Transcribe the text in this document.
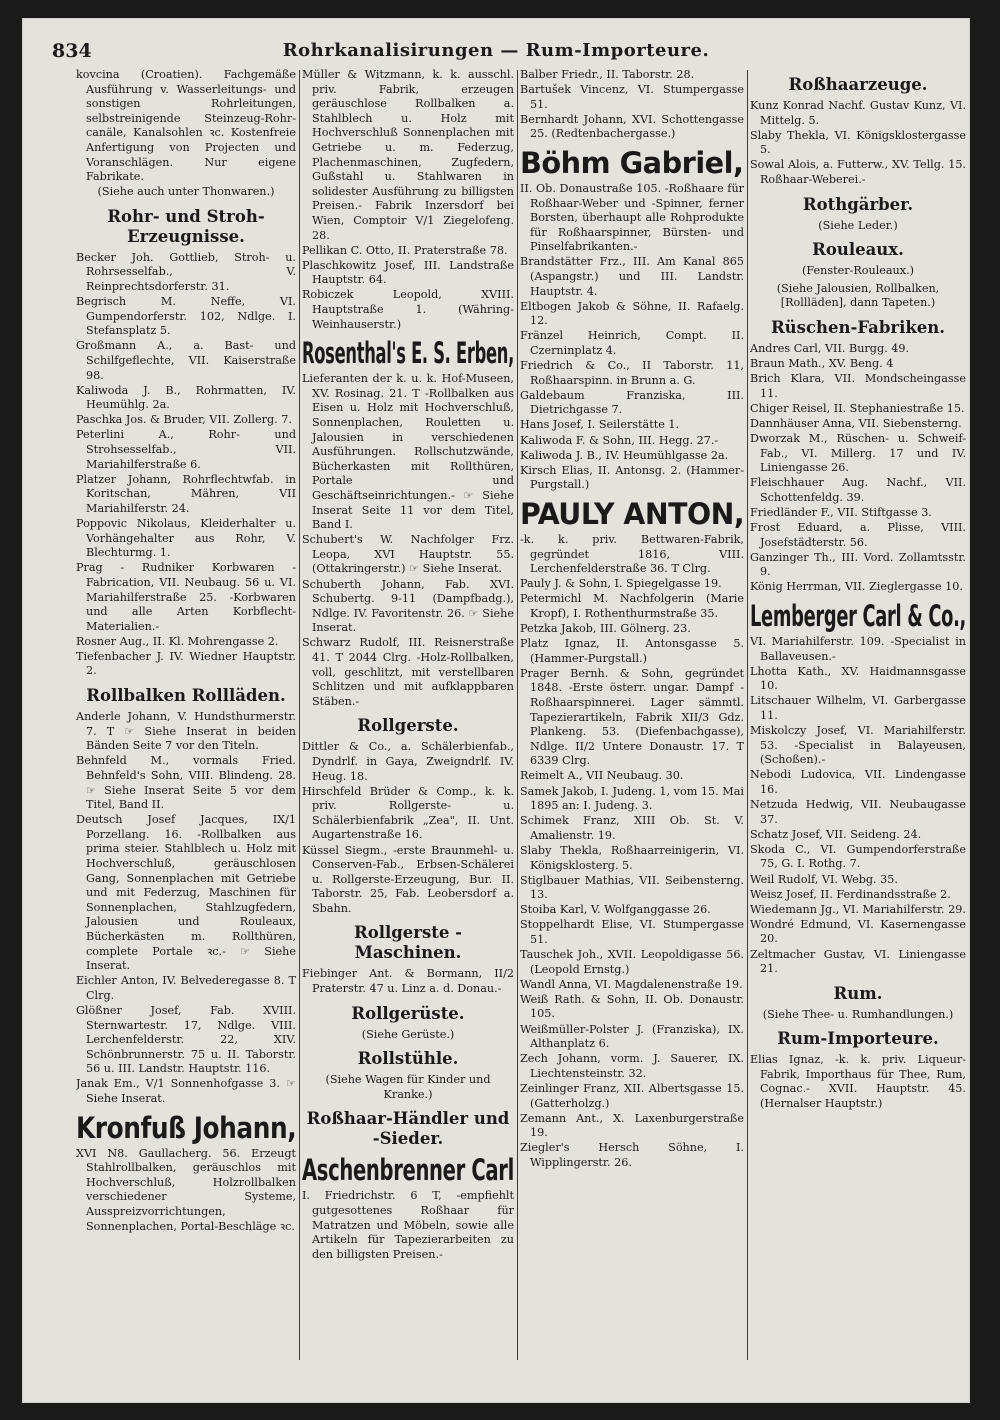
834	Rohrkanalisirungen — Rum-Importeure.
kovcina (Croatien). Fachgemäße Ausführung v. Wasserleitungs- und sonstigen Rohrleitungen, selbstreinigende Steinzeug-Rohr-canäle, Kanalsohlen ꝛc. Kostenfreie Anfertigung von Projecten und Voranschlägen. Nur eigene Fabrikate.
(Siehe auch unter Thonwaren.)
Rohr- und Stroh-Erzeugnisse.
Becker Joh. Gottlieb, Stroh- u. Rohrsesselfab., V. Reinprechtsdorferstr. 31.
Begrisch M. Neffe, VI. Gumpendorferstr. 102, Ndlge. I. Stefansplatz 5.
Großmann A., a. Bast- und Schilfgeflechte, VII. Kaiserstraße 98.
Kaliwoda J. B., Rohrmatten, IV. Heumühlg. 2a.
Paschka Jos. & Bruder, VII. Zollerg. 7.
Peterlini A., Rohr- und Strohsesselfab., VII. Mariahilferstraße 6.
Platzer Johann, Rohrflechtwfab. in Koritschan, Mähren, VII Mariahilferstr. 24.
Poppovic Nikolaus, Kleiderhalter u. Vorhängehalter aus Rohr, V. Blechturmg. 1.
Prag - Rudniker Korbwaren - Fabrication, VII. Neubaug. 56 u. VI. Mariahilferstraße 25. -Korbwaren und alle Arten Korbflecht-Materialien.-
Rosner Aug., II. Kl. Mohrengasse 2.
Tiefenbacher J. IV. Wiedner Hauptstr. 2.
Rollbalken Rollläden.
Anderle Johann, V. Hundsthurmerstr. 7. T ☞ Siehe Inserat in beiden Bänden Seite 7 vor den Titeln.
Behnfeld M., vormals Fried. Behnfeld's Sohn, VIII. Blindeng. 28. ☞ Siehe Inserat Seite 5 vor dem Titel, Band II.
Deutsch Josef Jacques, IX/1 Porzellang. 16. -Rollbalken aus prima steier. Stahlblech u. Holz mit Hochverschluß, geräuschlosen Gang, Sonnenplachen mit Getriebe und mit Federzug, Maschinen für Sonnenplachen, Stahlzugfedern, Jalousien und Rouleaux, Bücherkästen m. Rollthüren, complete Portale ꝛc.- ☞ Siehe Inserat.
Eichler Anton, IV. Belvederegasse 8. T Clrg.
Glößner Josef, Fab. XVIII. Sternwartestr. 17, Ndlge. VIII. Lerchenfelderstr. 22, XIV. Schönbrunnerstr. 75 u. II. Taborstr. 56 u. III. Landstr. Hauptstr. 116.
Janak Em., V/1 Sonnenhofgasse 3. ☞ Siehe Inserat.
Kronfuß Johann,
XVI N8. Gaullacherg. 56. Erzeugt Stahlrollbalken, geräuschlos mit Hochverschluß, Holzrollbalken verschiedener Systeme, Ausspreizvorrichtungen, Sonnenplachen, Portal-Beschläge ꝛc.
Müller & Witzmann, k. k. ausschl. priv. Fabrik, erzeugen geräuschlose Rollbalken a. Stahlblech u. Holz mit Hochverschluß Sonnenplachen mit Getriebe u. m. Federzug, Plachenmaschinen, Zugfedern, Gußstahl u. Stahlwaren in solidester Ausführung zu billigsten Preisen.- Fabrik Inzersdorf bei Wien, Comptoir V/1 Ziegelofeng. 28.
Pellikan C. Otto, II. Praterstraße 78.
Plaschkowitz Josef, III. Landstraße Hauptstr. 64.
Robiczek Leopold, XVIII. Hauptstraße 1. (Währing-Weinhauserstr.)
Rosenthal's E. S. Erben,
Lieferanten der k. u. k. Hof-Museen, XV. Rosinag. 21. T -Rollbalken aus Eisen u. Holz mit Hochverschluß, Sonnenplachen, Rouletten u. Jalousien in verschiedenen Ausführungen. Rollschutzwände, Bücherkasten mit Rollthüren, Portale und Geschäftseinrichtungen.- ☞ Siehe Inserat Seite 11 vor dem Titel, Band I.
Schubert's W. Nachfolger Frz. Leopa, XVI Hauptstr. 55. (Ottakringerstr.) ☞ Siehe Inserat.
Schuberth Johann, Fab. XVI. Schubertg. 9-11 (Dampfbadg.), Ndlge. IV. Favoritenstr. 26. ☞ Siehe Inserat.
Schwarz Rudolf, III. Reisnerstraße 41. T 2044 Clrg. -Holz-Rollbalken, voll, geschlitzt, mit verstellbaren Schlitzen und mit aufklappbaren Stäben.-
Rollgerste.
Dittler & Co., a. Schälerbienfab., Dyndrlf. in Gaya, Zweigndrlf. IV. Heug. 18.
Hirschfeld Brüder & Comp., k. k. priv. Rollgerste- u. Schälerbienfabrik „Zea", II. Unt. Augartenstraße 16.
Küssel Siegm., -erste Braunmehl- u. Conserven-Fab., Erbsen-Schälerei u. Rollgerste-Erzeugung, Bur. II. Taborstr. 25, Fab. Leobersdorf a. Sbahn.
Rollgerste - Maschinen.
Fiebinger Ant. & Bormann, II/2 Praterstr. 47 u. Linz a. d. Donau.-
Rollgerüste.
(Siehe Gerüste.)
Rollstühle.
(Siehe Wagen für Kinder und Kranke.)
Roßhaar-Händler und -Sieder.
Aschenbrenner Carl
I. Friedrichstr. 6 T, -empfiehlt gutgesottenes Roßhaar für Matratzen und Möbeln, sowie alle Artikeln für Tapezierarbeiten zu den billigsten Preisen.-
Balber Friedr., II. Taborstr. 28.
Bartušek Vincenz, VI. Stumpergasse 51.
Bernhardt Johann, XVI. Schottengasse 25. (Redtenbachergasse.)
Böhm Gabriel,
II. Ob. Donaustraße 105. -Roßhaare für Roßhaar-Weber und -Spinner, ferner Borsten, überhaupt alle Rohprodukte für Roßhaarspinner, Bürsten- und Pinselfabrikanten.-
Brandstätter Frz., III. Am Kanal 865 (Aspangstr.) und III. Landstr. Hauptstr. 4.
Eltbogen Jakob & Söhne, II. Rafaelg. 12.
Fränzel Heinrich, Compt. II. Czerninplatz 4.
Friedrich & Co., II Taborstr. 11, Roßhaarspinn. in Brunn a. G.
Galdebaum Franziska, III. Dietrichgasse 7.
Hans Josef, I. Seilerstätte 1.
Kaliwoda F. & Sohn, III. Hegg. 27.-
Kaliwoda J. B., IV. Heumühlgasse 2a.
Kirsch Elias, II. Antonsg. 2. (Hammer-Purgstall.)
PAULY ANTON,
-k. k. priv. Bettwaren-Fabrik, gegründet 1816, VIII. Lerchenfelderstraße 36. T Clrg.
Pauly J. & Sohn, I. Spiegelgasse 19.
Petermichl M. Nachfolgerin (Marie Kropf), I. Rothenthurmstraße 35.
Petzka Jakob, III. Gölnerg. 23.
Platz Ignaz, II. Antonsgasse 5. (Hammer-Purgstall.)
Prager Bernh. & Sohn, gegründet 1848. -Erste österr. ungar. Dampf - Roßhaarspinnerei. Lager sämmtl. Tapezierartikeln, Fabrik XII/3 Gdz. Plankeng. 53. (Diefenbachgasse), Ndlge. II/2 Untere Donaustr. 17. T 6339 Clrg.
Reimelt A., VII Neubaug. 30.
Samek Jakob, I. Judeng. 1, vom 15. Mai 1895 an: I. Judeng. 3.
Schimek Franz, XIII Ob. St. V. Amalienstr. 19.
Slaby Thekla, Roßhaarreinigerin, VI. Königsklosterg. 5.
Stiglbauer Mathias, VII. Seibensterng. 13.
Stoiba Karl, V. Wolfganggasse 26.
Stoppelhardt Elise, VI. Stumpergasse 51.
Tauschek Joh., XVII. Leopoldigasse 56. (Leopold Ernstg.)
Wandl Anna, VI. Magdalenenstraße 19.
Weiß Rath. & Sohn, II. Ob. Donaustr. 105.
Weißmüller-Polster J. (Franziska), IX. Althanplatz 6.
Zech Johann, vorm. J. Sauerer, IX. Liechtensteinstr. 32.
Zeinlinger Franz, XII. Albertsgasse 15. (Gatterholzg.)
Zemann Ant., X. Laxenburgerstraße 19.
Ziegler's Hersch Söhne, I. Wipplingerstr. 26.
Roßhaarzeuge.
Kunz Konrad Nachf. Gustav Kunz, VI. Mittelg. 5.
Slaby Thekla, VI. Königsklostergasse 5.
Sowal Alois, a. Futterw., XV. Tellg. 15. Roßhaar-Weberei.-
Rothgärber.
(Siehe Leder.)
Rouleaux.
(Fenster-Rouleaux.)
(Siehe Jalousien, Rollbalken, [Rollläden], dann Tapeten.)
Rüschen-Fabriken.
Andres Carl, VII. Burgg. 49.
Braun Math., XV. Beng. 4
Brich Klara, VII. Mondscheingasse 11.
Chiger Reisel, II. Stephaniestraße 15.
Dannhäuser Anna, VII. Siebensterng.
Dworzak M., Rüschen- u. Schweif-Fab., VI. Millerg. 17 und IV. Liniengasse 26.
Fleischhauer Aug. Nachf., VII. Schottenfeldg. 39.
Friedländer F., VII. Stiftgasse 3.
Frost Eduard, a. Plisse, VIII. Josefstädterstr. 56.
Ganzinger Th., III. Vord. Zollamtsstr. 9.
König Herrman, VII. Zieglergasse 10.
Lemberger Carl & Co.,
VI. Mariahilferstr. 109. -Specialist in Ballaveusen.-
Lhotta Kath., XV. Haidmannsgasse 10.
Litschauer Wilhelm, VI. Garbergasse 11.
Miskolczy Josef, VI. Mariahilferstr. 53. -Specialist in Balayeusen, (Schoßen).-
Nebodi Ludovica, VII. Lindengasse 16.
Netzuda Hedwig, VII. Neubaugasse 37.
Schatz Josef, VII. Seideng. 24.
Skoda C., VI. Gumpendorferstraße 75, G. I. Rothg. 7.
Weil Rudolf, VI. Webg. 35.
Weisz Josef, II. Ferdinandsstraße 2.
Wiedemann Jg., VI. Mariahilferstr. 29.
Wondré Edmund, VI. Kasernengasse 20.
Zeltmacher Gustav, VI. Liniengasse 21.
Rum.
(Siehe Thee- u. Rumhandlungen.)
Rum-Importeure.
Elias Ignaz, -k. k. priv. Liqueur-Fabrik, Importhaus für Thee, Rum, Cognac.- XVII. Hauptstr. 45. (Hernalser Hauptstr.)
